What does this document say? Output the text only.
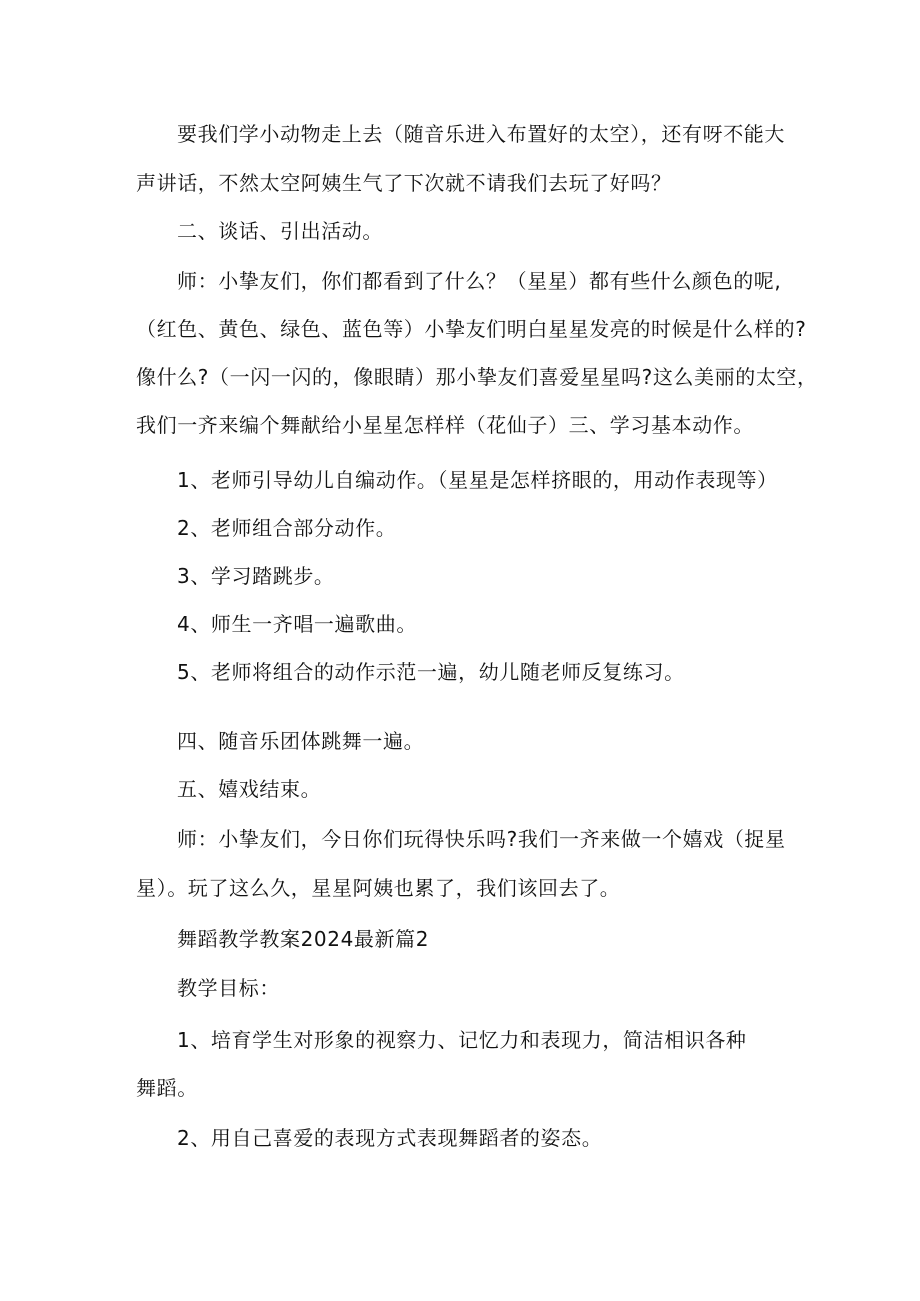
要我们学小动物走上去（随音乐进入布置好的太空），还有呀不能大
声讲话，不然太空阿姨生气了下次就不请我们去玩了好吗？
二、谈话、引出活动。
师：小挚友们，你们都看到了什么？（星星）都有些什么颜色的呢,
（红色、黄色、绿色、蓝色等）小挚友们明白星星发亮的时候是什么样的?
像什么?（一闪一闪的，像眼睛）那小挚友们喜爱星星吗?这么美丽的太空，
我们一齐来编个舞献给小星星怎样样（花仙子）三、学习基本动作。
1、老师引导幼儿自编动作。（星星是怎样挤眼的，用动作表现等）
2、老师组合部分动作。
3、学习踏跳步。
4、师生一齐唱一遍歌曲。
5、老师将组合的动作示范一遍，幼儿随老师反复练习。
四、随音乐团体跳舞一遍。
五、嬉戏结束。
师：小挚友们，今日你们玩得快乐吗?我们一齐来做一个嬉戏（捉星
星）。玩了这么久，星星阿姨也累了，我们该回去了。
舞蹈教学教案2024最新篇2
教学目标：
1、培育学生对形象的视察力、记忆力和表现力，简洁相识各种
舞蹈。
2、用自己喜爱的表现方式表现舞蹈者的姿态。
